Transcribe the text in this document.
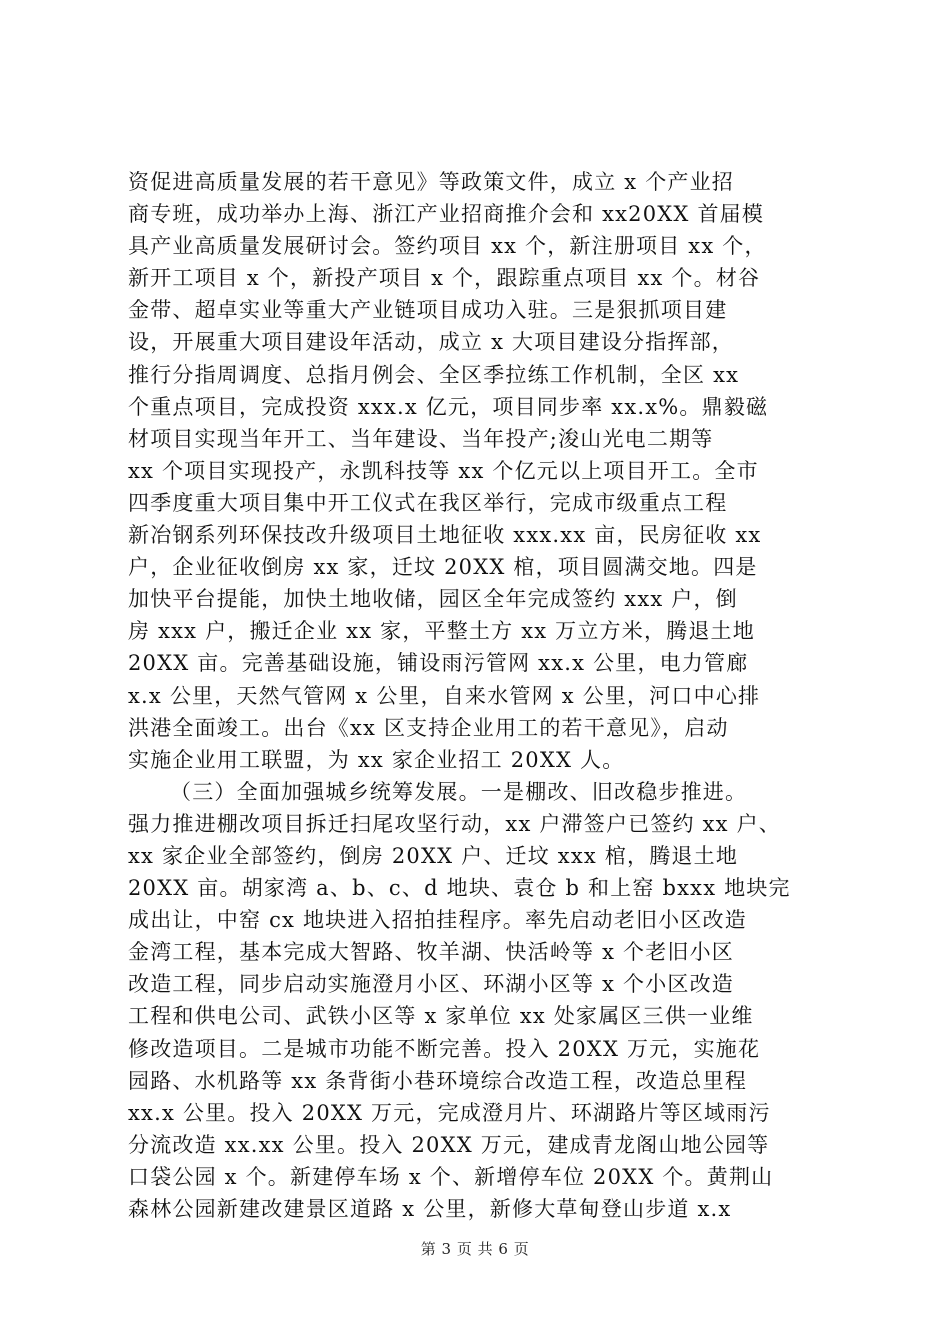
资促进高质量发展的若干意见》等政策文件，成立 x 个产业招
商专班，成功举办上海、浙江产业招商推介会和 xx20XX 首届模
具产业高质量发展研讨会。签约项目 xx 个，新注册项目 xx 个，
新开工项目 x 个，新投产项目 x 个，跟踪重点项目 xx 个。材谷
金带、超卓实业等重大产业链项目成功入驻。三是狠抓项目建
设，开展重大项目建设年活动，成立 x 大项目建设分指挥部，
推行分指周调度、总指月例会、全区季拉练工作机制，全区 xx
个重点项目，完成投资 xxx.x 亿元，项目同步率 xx.x%。鼎毅磁
材项目实现当年开工、当年建设、当年投产;浚山光电二期等
xx 个项目实现投产，永凯科技等 xx 个亿元以上项目开工。全市
四季度重大项目集中开工仪式在我区举行，完成市级重点工程
新冶钢系列环保技改升级项目土地征收 xxx.xx 亩，民房征收 xx
户，企业征收倒房 xx 家，迁坟 20XX 棺，项目圆满交地。四是
加快平台提能，加快土地收储，园区全年完成签约 xxx 户，倒
房 xxx 户，搬迁企业 xx 家，平整土方 xx 万立方米，腾退土地
20XX 亩。完善基础设施，铺设雨污管网 xx.x 公里，电力管廊
x.x 公里，天然气管网 x 公里，自来水管网 x 公里，河口中心排
洪港全面竣工。出台《xx 区支持企业用工的若干意见》，启动
实施企业用工联盟，为 xx 家企业招工 20XX 人。
（三）全面加强城乡统筹发展。一是棚改、旧改稳步推进。
强力推进棚改项目拆迁扫尾攻坚行动，xx 户滞签户已签约 xx 户、
xx 家企业全部签约，倒房 20XX 户、迁坟 xxx 棺，腾退土地
20XX 亩。胡家湾 a、b、c、d 地块、袁仓 b 和上窑 bxxx 地块完
成出让，中窑 cx 地块进入招拍挂程序。率先启动老旧小区改造
金湾工程，基本完成大智路、牧羊湖、快活岭等 x 个老旧小区
改造工程，同步启动实施澄月小区、环湖小区等 x 个小区改造
工程和供电公司、武铁小区等 x 家单位 xx 处家属区三供一业维
修改造项目。二是城市功能不断完善。投入 20XX 万元，实施花
园路、水机路等 xx 条背街小巷环境综合改造工程，改造总里程
xx.x 公里。投入 20XX 万元，完成澄月片、环湖路片等区域雨污
分流改造 xx.xx 公里。投入 20XX 万元，建成青龙阁山地公园等
口袋公园 x 个。新建停车场 x 个、新增停车位 20XX 个。黄荆山
森林公园新建改建景区道路 x 公里，新修大草甸登山步道 x.x
第 3 页 共 6 页
